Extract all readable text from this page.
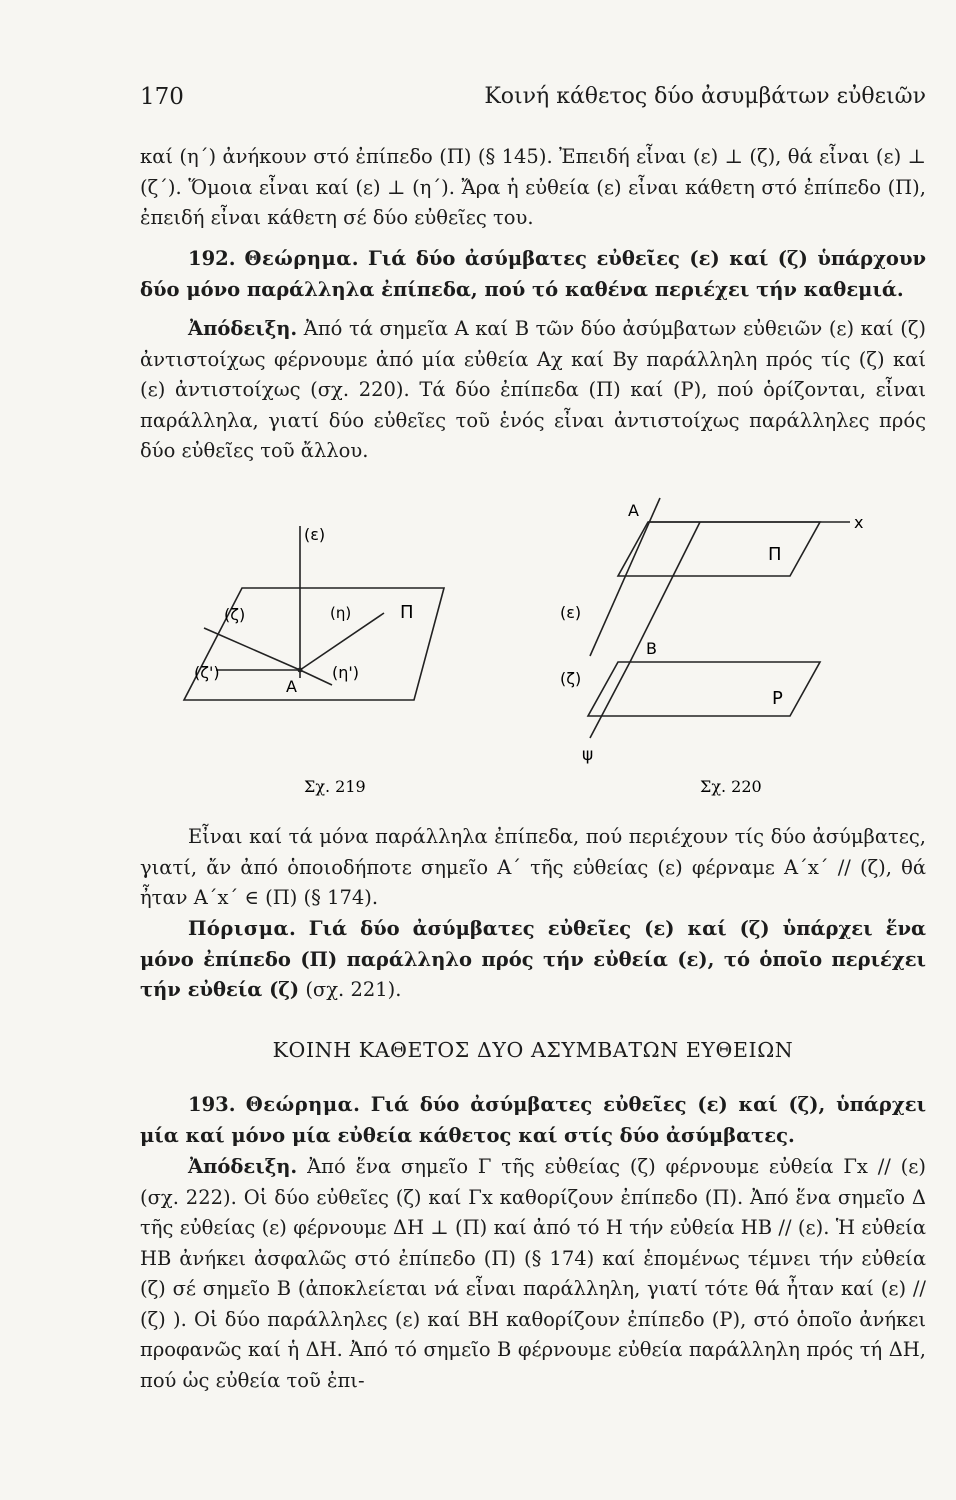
170	Κοινή κάθετος δύο ἀσυμβάτων εὐθειῶν

καί (η΄) ἀνήκουν στό ἐπίπεδο (Π) (§ 145). Ἐπειδή εἶναι (ε) ⊥ (ζ), θά εἶναι (ε) ⊥ (ζ΄). Ὅμοια εἶναι καί (ε) ⊥ (η΄). Ἄρα ἡ εὐθεία (ε) εἶναι κάθετη στό ἐπίπεδο (Π), ἐπειδή εἶναι κάθετη σέ δύο εὐθεῖες του.

192. Θεώρημα. Γιά δύο ἀσύμβατες εὐθεῖες (ε) καί (ζ) ὑπάρχουν δύο μόνο παράλληλα ἐπίπεδα, πού τό καθένα περιέχει τήν καθεμιά.

Ἀπόδειξη. Ἀπό τά σημεῖα Α καί Β τῶν δύο ἀσύμβατων εὐθειῶν (ε) καί (ζ) ἀντιστοίχως φέρνουμε ἀπό μία εὐθεία Αχ καί Βy παράλληλη πρός τίς (ζ) καί (ε) ἀντιστοίχως (σχ. 220). Τά δύο ἐπίπεδα (Π) καί (Ρ), πού ὁρίζονται, εἶναι παράλληλα, γιατί δύο εὐθεῖες τοῦ ἑνός εἶναι ἀντιστοίχως παράλληλες πρός δύο εὐθεῖες τοῦ ἄλλου.

(ε)
(ζ)	(η)	Π
(ζ')	(η')
A
Σχ. 219
A
x
Π
(ε)
B
(ζ)
P
ψ
Σχ. 220

Εἶναι καί τά μόνα παράλληλα ἐπίπεδα, πού περιέχουν τίς δύο ἀσύμβατες, γιατί, ἄν ἀπό ὁποιοδήποτε σημεῖο Α΄ τῆς εὐθείας (ε) φέρναμε Α΄x΄ // (ζ), θά ἦταν Α΄x΄ ∈ (Π) (§ 174).

Πόρισμα. Γιά δύο ἀσύμβατες εὐθεῖες (ε) καί (ζ) ὑπάρχει ἕνα μόνο ἐπίπεδο (Π) παράλληλο πρός τήν εὐθεία (ε), τό ὁποῖο περιέχει τήν εὐθεία (ζ) (σχ. 221).

ΚΟΙΝΗ ΚΑΘΕΤΟΣ ΔΥΟ ΑΣΥΜΒΑΤΩΝ ΕΥΘΕΙΩΝ

193. Θεώρημα. Γιά δύο ἀσύμβατες εὐθεῖες (ε) καί (ζ), ὑπάρχει μία καί μόνο μία εὐθεία κάθετος καί στίς δύο ἀσύμβατες.

Ἀπόδειξη. Ἀπό ἕνα σημεῖο Γ τῆς εὐθείας (ζ) φέρνουμε εὐθεία Γx // (ε) (σχ. 222). Οἱ δύο εὐθεῖες (ζ) καί Γx καθορίζουν ἐπίπεδο (Π). Ἀπό ἕνα σημεῖο Δ τῆς εὐθείας (ε) φέρνουμε ΔΗ ⊥ (Π) καί ἀπό τό Η τήν εὐθεία ΗΒ // (ε). Ἡ εὐθεία ΗΒ ἀνήκει ἀσφαλῶς στό ἐπίπεδο (Π) (§ 174) καί ἑπομένως τέμνει τήν εὐθεία (ζ) σέ σημεῖο Β (ἀποκλείεται νά εἶναι παράλληλη, γιατί τότε θά ἦταν καί (ε) // (ζ) ). Οἱ δύο παράλληλες (ε) καί ΒΗ καθορίζουν ἐπίπεδο (Ρ), στό ὁποῖο ἀνήκει προφανῶς καί ἡ ΔΗ. Ἀπό τό σημεῖο Β φέρνουμε εὐθεία παράλληλη πρός τή ΔΗ, πού ὡς εὐθεία τοῦ ἐπι-
